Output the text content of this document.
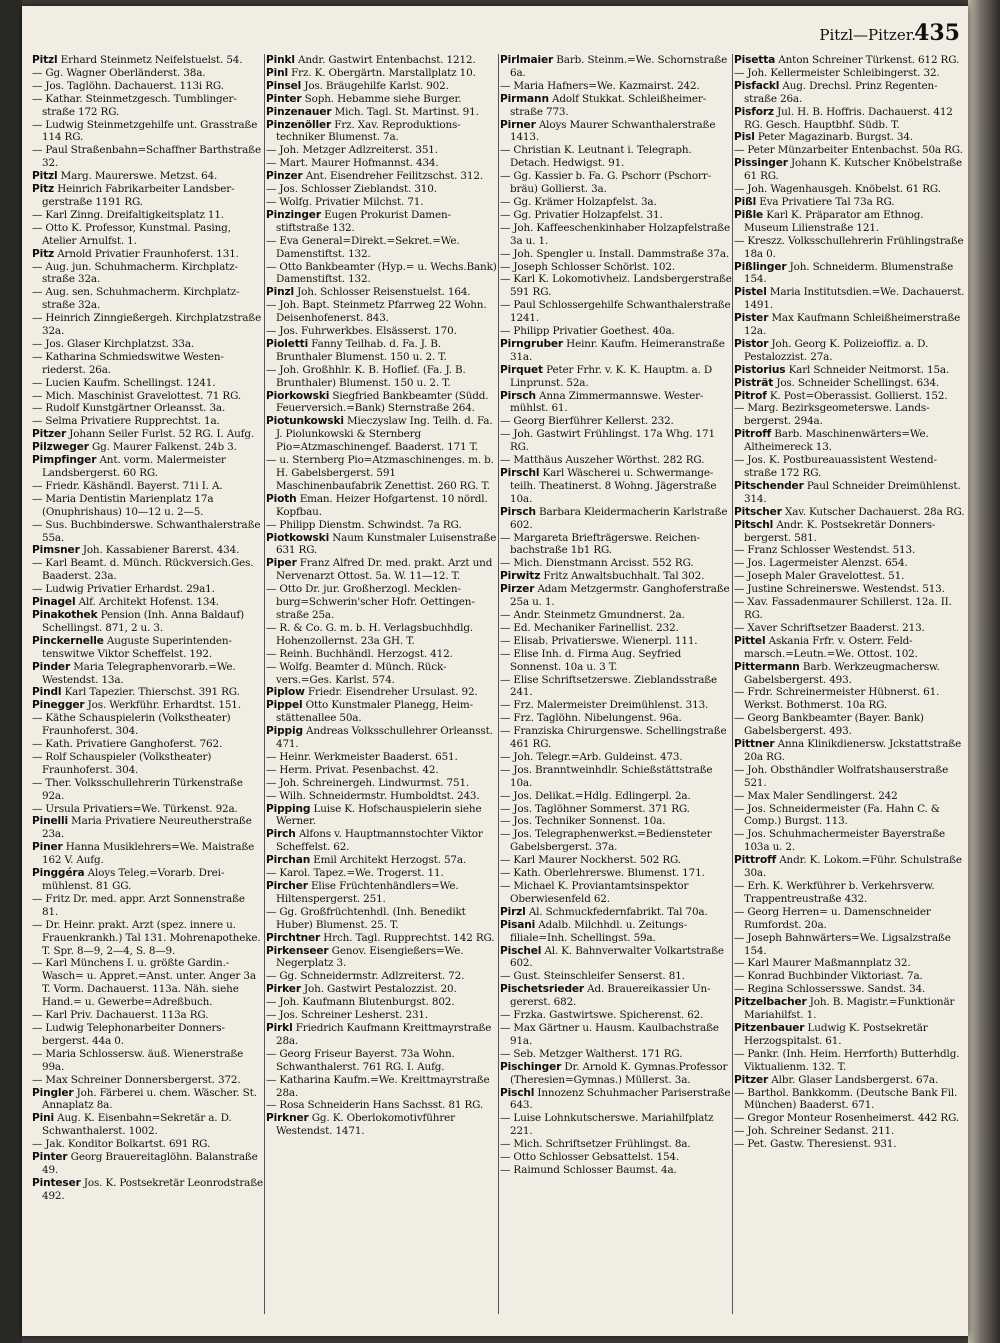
Pitzl—Pitzer.
435

Pitzl Erhard Steinmetz Neifelstuelst. 54.

— Gg. Wagner Oberländerst. 38a.

— Jos. Taglöhn. Dachauerst. 113i RG.

— Kathar. Steinmetzgesch. Tumblingerstraße 172 RG.

— Ludwig Steinmetzgehilfe unt. Grasstraße 114 RG.

— Paul Straßenbahn=Schaffner Barthstraße 32.

Pitzl Marg. Maurerswe. Metzst. 64.

Pitz Heinrich Fabrikarbeiter Landsbergerstraße 1191 RG.

— Karl Zinng. Dreifaltigkeitsplatz 11.

— Otto K. Professor, Kunstmal. Pasing, Atelier Arnulfst. 1.

Pitz Arnold Privatier Fraunhoferst. 131.

— Aug. jun. Schuhmacherm. Kirchplatzstraße 32a.

— Aug. sen. Schuhmacherm. Kirchplatzstraße 32a.

— Heinrich Zinngießergeh. Kirchplatzstraße 32a.

— Jos. Glaser Kirchplatzst. 33a.

— Katharina Schmiedswitwe Westenriederst. 26a.

— Lucien Kaufm. Schellingst. 1241.

— Mich. Maschinist Gravelottest. 71 RG.

— Rudolf Kunstgärtner Orleansst. 3a.

— Selma Privatiere Rupprechtst. 1a.

Pitzer Johann Seiler Furlst. 52 RG. I. Aufg.

Pilzweger Gg. Maurer Falkenst. 24b 3.

Pimpfinger Ant. vorm. Malermeister Landsbergerst. 60 RG.

— Friedr. Käshändl. Bayerst. 71i I. A.

— Maria Dentistin Marienplatz 17a (Onuphrishaus) 10—12 u. 2—5.

— Sus. Buchbinderswe. Schwanthalerstraße 55a.

Pimsner Joh. Kassabiener Barerst. 434.

— Karl Beamt. d. Münch. Rückversich.Ges. Baaderst. 23a.

— Ludwig Privatier Erhardst. 29a1.

Pinagel Alf. Architekt Hofenst. 134.

Pinakothek Pension (Inh. Anna Baldauf) Schellingst. 871, 2 u. 3.

Pinckernelle Auguste Superintendentenswitwe Viktor Scheffelst. 192.

Pinder Maria Telegraphenvorarb.=We. Westendst. 13a.

Pindl Karl Tapezier. Thierschst. 391 RG.

Pinegger Jos. Werkführ. Erhardtst. 151.

— Käthe Schauspielerin (Volkstheater) Fraunhoferst. 304.

— Kath. Privatiere Ganghoferst. 762.

— Rolf Schauspieler (Volkstheater) Fraunhoferst. 304.

— Ther. Volksschullehrerin Türkenstraße 92a.

— Ursula Privatiers=We. Türkenst. 92a.

Pinelli Maria Privatiere Neureutherstraße 23a.

Piner Hanna Musiklehrers=We. Maistraße 162 V. Aufg.

Pinggéra Aloys Teleg.=Vorarb. Dreimühlenst. 81 GG.

— Fritz Dr. med. appr. Arzt Sonnenstraße 81.

— Dr. Heinr. prakt. Arzt (spez. innere u. Frauenkrankh.) Tal 131. Mohrenapotheke. T. Spr. 8—9, 2—4, S. 8—9.

— Karl Münchens I. u. größte Gardin.Wasch= u. Appret.=Anst. unter. Anger 3a T. Vorm. Dachauerst. 113a. Näh. siehe Hand.= u. Gewerbe=Adreßbuch.

— Karl Priv. Dachauerst. 113a RG.

— Ludwig Telephonarbeiter Donnersbergerst. 44a 0.

— Maria Schlossersw. äuß. Wienerstraße 99a.

— Max Schreiner Donnersbergerst. 372.

Pingler Joh. Färberei u. chem. Wäscher. St. Annaplatz 8a.

Pini Aug. K. Eisenbahn=Sekretär a. D. Schwanthalerst. 1002.

— Jak. Konditor Bolkartst. 691 RG.

Pinter Georg Brauereitaglöhn. Balanstraße 49.

Pinteser Jos. K. Postsekretär Leonrodstraße 492.

Pinkl Andr. Gastwirt Entenbachst. 1212.

Pinl Frz. K. Obergärtn. Marstallplatz 10.

Pinsel Jos. Bräugehilfe Karlst. 902.

Pinter Soph. Hebamme siehe Burger.

Pinzenauer Mich. Tagl. St. Martinst. 91.

Pinzenöller Frz. Xav. Reproduktionstechniker Blumenst. 7a.

— Joh. Metzger Adlzreiterst. 351.

— Mart. Maurer Hofmannst. 434.

Pinzer Ant. Eisendreher Feilitzschst. 312.

— Jos. Schlosser Zieblandst. 310.

— Wolfg. Privatier Milchst. 71.

Pinzinger Eugen Prokurist Damenstiftstraße 132.

— Eva General=Direkt.=Sekret.=We. Damenstiftst. 132.

— Otto Bankbeamter (Hyp.= u. Wechs.Bank) Damenstiftst. 132.

Pinzl Joh. Schlosser Reisenstuelst. 164.

— Joh. Bapt. Steinmetz Pfarrweg 22 Wohn. Deisenhofenerst. 843.

— Jos. Fuhrwerkbes. Elsässerst. 170.

Pioletti Fanny Teilhab. d. Fa. J. B. Brunthaler Blumenst. 150 u. 2. T.

— Joh. Großhhlr. K. B. Hoflief. (Fa. J. B. Brunthaler) Blumenst. 150 u. 2. T.

Piorkowski Siegfried Bankbeamter (Südd. Feuerversich.=Bank) Sternstraße 264.

Piotunkowski Mieczyslaw Ing. Teilh. d. Fa. J. Piolunkowski & Sternberg Pio=Atzmaschinengef. Baaderst. 171 T.

— u. Sternberg Pio=Atzmaschinenges. m. b. H. Gabelsbergerst. 591 Maschinenbaufabrik Zenettist. 260 RG. T.

Pioth Eman. Heizer Hofgartenst. 10 nördl. Kopfbau.

— Philipp Dienstm. Schwindst. 7a RG.

Piotkowski Naum Kunstmaler Luisenstraße 631 RG.

Piper Franz Alfred Dr. med. prakt. Arzt und Nervenarzt Ottost. 5a. W. 11—12. T.

— Otto Dr. jur. Großherzogl. Mecklenburg=Schwerin'scher Hofr. Oettingenstraße 25a.

— R. & Co. G. m. b. H. Verlagsbuchhdlg. Hohenzollernst. 23a GH. T.

— Reinh. Buchhändl. Herzogst. 412.

— Wolfg. Beamter d. Münch. Rückvers.=Ges. Karlst. 574.

Piplow Friedr. Eisendreher Ursulast. 92.

Pippel Otto Kunstmaler Planegg, Heimstättenallee 50a.

Pippig Andreas Volksschullehrer Orleansst. 471.

— Heinr. Werkmeister Baaderst. 651.

— Herm. Privat. Pesenbachst. 42.

— Joh. Schreinergeh. Lindwurmst. 751.

— Wilh. Schneidermstr. Humboldtst. 243.

Pipping Luise K. Hofschauspielerin siehe Werner.

Pirch Alfons v. Hauptmannstochter Viktor Scheffelst. 62.

Pirchan Emil Architekt Herzogst. 57a.

— Karol. Tapez.=We. Trogerst. 11.

Pircher Elise Früchtenhändlers=We. Hiltenspergerst. 251.

— Gg. Großfrüchtenhdl. (Inh. Benedikt Huber) Blumenst. 25. T.

Pirchtner Hrch. Tagl. Rupprechtst. 142 RG.

Pirkenseer Genov. Eisengießers=We. Negerplatz 3.

— Gg. Schneidermstr. Adlzreiterst. 72.

Pirker Joh. Gastwirt Pestalozzist. 20.

— Joh. Kaufmann Blutenburgst. 802.

— Jos. Schreiner Lesherst. 231.

Pirkl Friedrich Kaufmann Kreittmayrstraße 28a.

— Georg Friseur Bayerst. 73a Wohn. Schwanthalerst. 761 RG. I. Aufg.

— Katharina Kaufm.=We. Kreittmayrstraße 28a.

— Rosa Schneiderin Hans Sachsst. 81 RG.

Pirkner Gg. K. Oberlokomotivführer Westendst. 1471.

Pirlmaier Barb. Steinm.=We. Schornstraße 6a.

— Maria Hafners=We. Kazmairst. 242.

Pirmann Adolf Stukkat. Schleißheimerstraße 773.

Pirner Aloys Maurer Schwanthalerstraße 1413.

— Christian K. Leutnant i. Telegraph. Detach. Hedwigst. 91.

— Gg. Kassier b. Fa. G. Pschorr (Pschorrbräu) Gollierst. 3a.

— Gg. Krämer Holzapfelst. 3a.

— Gg. Privatier Holzapfelst. 31.

— Joh. Kaffeeschenkinhaber Holzapfelstraße 3a u. 1.

— Joh. Spengler u. Install. Dammstraße 37a.

— Joseph Schlosser Schörlst. 102.

— Karl K. Lokomotivheiz. Landsbergerstraße 591 RG.

— Paul Schlossergehilfe Schwanthalerstraße 1241.

— Philipp Privatier Goethest. 40a.

Pirngruber Heinr. Kaufm. Heimeranstraße 31a.

Pirquet Peter Frhr. v. K. K. Hauptm. a. D Linprunst. 52a.

Pirsch Anna Zimmermannswe. Westermühlst. 61.

— Georg Bierführer Kellerst. 232.

— Joh. Gastwirt Frühlingst. 17a Whg. 171 RG.

— Matthäus Auszeher Wörthst. 282 RG.

Pirschl Karl Wäscherei u. Schwermangeteilh. Theatinerst. 8 Wohng. Jägerstraße 10a.

Pirsch Barbara Kleidermacherin Karlstraße 602.

— Margareta Briefträgerswe. Reichenbachstraße 1b1 RG.

— Mich. Dienstmann Arcisst. 552 RG.

Pirwitz Fritz Anwaltsbuchhalt. Tal 302.

Pirzer Adam Metzgermstr. Ganghoferstraße 25a u. 1.

— Andr. Steinmetz Gmundnerst. 2a.

— Ed. Mechaniker Farinellist. 232.

— Elisab. Privatierswe. Wienerpl. 111.

— Elise Inh. d. Firma Aug. Seyfried Sonnenst. 10a u. 3 T.

— Elise Schriftsetzerswe. Zieblandsstraße 241.

— Frz. Malermeister Dreimühlenst. 313.

— Frz. Taglöhn. Nibelungenst. 96a.

— Franziska Chirurgenswe. Schellingstraße 461 RG.

— Joh. Telegr.=Arb. Guldeinst. 473.

— Jos. Branntweinhdlr. Schießstättstraße 10a.

— Jos. Delikat.=Hdlg. Edlingerpl. 2a.

— Jos. Taglöhner Sommerst. 371 RG.

— Jos. Techniker Sonnenst. 10a.

— Jos. Telegraphenwerkst.=Bediensteter Gabelsbergerst. 37a.

— Karl Maurer Nockherst. 502 RG.

— Kath. Oberlehrerswe. Blumenst. 171.

— Michael K. Proviantamtsinspektor Oberwiesenfeld 62.

Pirzl Al. Schmuckfedernfabrikt. Tal 70a.

Pisani Adalb. Milchhdl. u. Zeitungsfiliale=Inh. Schellingst. 59a.

Pischel Al. K. Bahnverwalter Volkartstraße 602.

— Gust. Steinschleifer Senserst. 81.

Pischetsrieder Ad. Brauereikassier Ungererst. 682.

— Frzka. Gastwirtswe. Spicherenst. 62.

— Max Gärtner u. Hausm. Kaulbachstraße 91a.

— Seb. Metzger Waltherst. 171 RG.

Pischinger Dr. Arnold K. Gymnas.Professor (Theresien=Gymnas.) Müllerst. 3a.

Pischl Innozenz Schuhmacher Pariserstraße 643.

— Luise Lohnkutscherswe. Mariahilfplatz 221.

— Mich. Schriftsetzer Frühlingst. 8a.

— Otto Schlosser Gebsattelst. 154.

— Raimund Schlosser Baumst. 4a.

Pisetta Anton Schreiner Türkenst. 612 RG.

— Joh. Kellermeister Schleibingerst. 32.

Pisfackl Aug. Drechsl. Prinz Regentenstraße 26a.

Pisforz Jul. H. B. Hoffris. Dachauerst. 412 RG. Gesch. Hauptbhf. Südb. T.

Pisl Peter Magazinarb. Burgst. 34.

— Peter Münzarbeiter Entenbachst. 50a RG.

Pissinger Johann K. Kutscher Knöbelstraße 61 RG.

— Joh. Wagenhausgeh. Knöbelst. 61 RG.

Pißl Eva Privatiere Tal 73a RG.

Pißle Karl K. Präparator am Ethnog. Museum Lilienstraße 121.

— Kreszz. Volksschullehrerin Frühlingstraße 18a 0.

Pißlinger Joh. Schneiderm. Blumenstraße 154.

Pistel Maria Institutsdien.=We. Dachauerst. 1491.

Pister Max Kaufmann Schleißheimerstraße 12a.

Pistor Joh. Georg K. Polizeioffiz. a. D. Pestalozzist. 27a.

Pistorius Karl Schneider Neitmorst. 15a.

Pisträt Jos. Schneider Schellingst. 634.

Pitrof K. Post=Oberassist. Gollierst. 152.

— Marg. Bezirksgeometerswe. Landsbergerst. 294a.

Pitroff Barb. Maschinenwärters=We. Altheimereck 13.

— Jos. K. Postbureauassistent Westendstraße 172 RG.

Pitschender Paul Schneider Dreimühlenst. 314.

Pitscher Xav. Kutscher Dachauerst. 28a RG.

Pitschl Andr. K. Postsekretär Donnersbergerst. 581.

— Franz Schlosser Westendst. 513.

— Jos. Lagermeister Alenzst. 654.

— Joseph Maler Gravelottest. 51.

— Justine Schreinerswe. Westendst. 513.

— Xav. Fassadenmaurer Schillerst. 12a. II. RG.

— Xaver Schriftsetzer Baaderst. 213.

Pittel Askania Frfr. v. Osterr. Feldmarsch.=Leutn.=We. Ottost. 102.

Pittermann Barb. Werkzeugmachersw. Gabelsbergerst. 493.

— Frdr. Schreinermeister Hübnerst. 61. Werkst. Bothmerst. 10a RG.

— Georg Bankbeamter (Bayer. Bank) Gabelsbergerst. 493.

Pittner Anna Klinikdienersw. Jckstattstraße 20a RG.

— Joh. Obsthändler Wolfratshauserstraße 521.

— Max Maler Sendlingerst. 242

— Jos. Schneidermeister (Fa. Hahn C. & Comp.) Burgst. 113.

— Jos. Schuhmachermeister Bayerstraße 103a u. 2.

Pittroff Andr. K. Lokom.=Führ. Schulstraße 30a.

— Erh. K. Werkführer b. Verkehrsverw. Trappentreustraße 432.

— Georg Herren= u. Damenschneider Rumfordst. 20a.

— Joseph Bahnwärters=We. Ligsalzstraße 154.

— Karl Maurer Maßmannplatz 32.

— Konrad Buchbinder Viktoriast. 7a.

— Regina Schlossersswe. Sandst. 34.

Pitzelbacher Joh. B. Magistr.=Funktionär Mariahilfst. 1.

Pitzenbauer Ludwig K. Postsekretär Herzogspitalst. 61.

— Pankr. (Inh. Heim. Herrforth) Butterhdlg. Viktualienm. 132. T.

Pitzer Albr. Glaser Landsbergerst. 67a.

— Barthol. Bankkomm. (Deutsche Bank Fil. München) Baaderst. 671.

— Gregor Monteur Rosenheimerst. 442 RG.

— Joh. Schreiner Sedanst. 211.

— Pet. Gastw. Theresienst. 931.
